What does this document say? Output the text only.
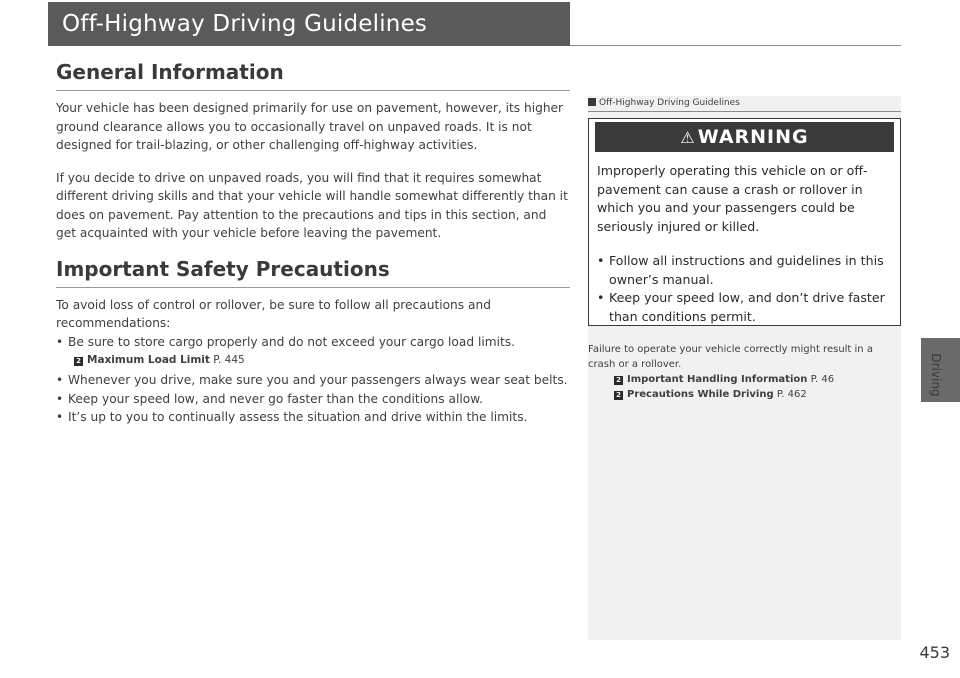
Off-Highway Driving Guidelines
General Information

Your vehicle has been designed primarily for use on pavement, however, its higher ground clearance allows you to occasionally travel on unpaved roads. It is not designed for trail-blazing, or other challenging off-highway activities.

If you decide to drive on unpaved roads, you will find that it requires somewhat different driving skills and that your vehicle will handle somewhat differently than it does on pavement. Pay attention to the precautions and tips in this section, and get acquainted with your vehicle before leaving the pavement.

Important Safety Precautions

To avoid loss of control or rollover, be sure to follow all precautions and recommendations:

• Be sure to store cargo properly and do not exceed your cargo load limits.
2 Maximum Load Limit P. 445
• Whenever you drive, make sure you and your passengers always wear seat belts.
• Keep your speed low, and never go faster than the conditions allow.
• It’s up to you to continually assess the situation and drive within the limits.
Off-Highway Driving Guidelines
⚠ WARNING
Improperly operating this vehicle on or off-pavement can cause a crash or rollover in which you and your passengers could be seriously injured or killed.
• Follow all instructions and guidelines in this owner’s manual.
• Keep your speed low, and don’t drive faster than conditions permit.
Failure to operate your vehicle correctly might result in a crash or a rollover.
2 Important Handling Information P. 46
2 Precautions While Driving P. 462	Driving
453
